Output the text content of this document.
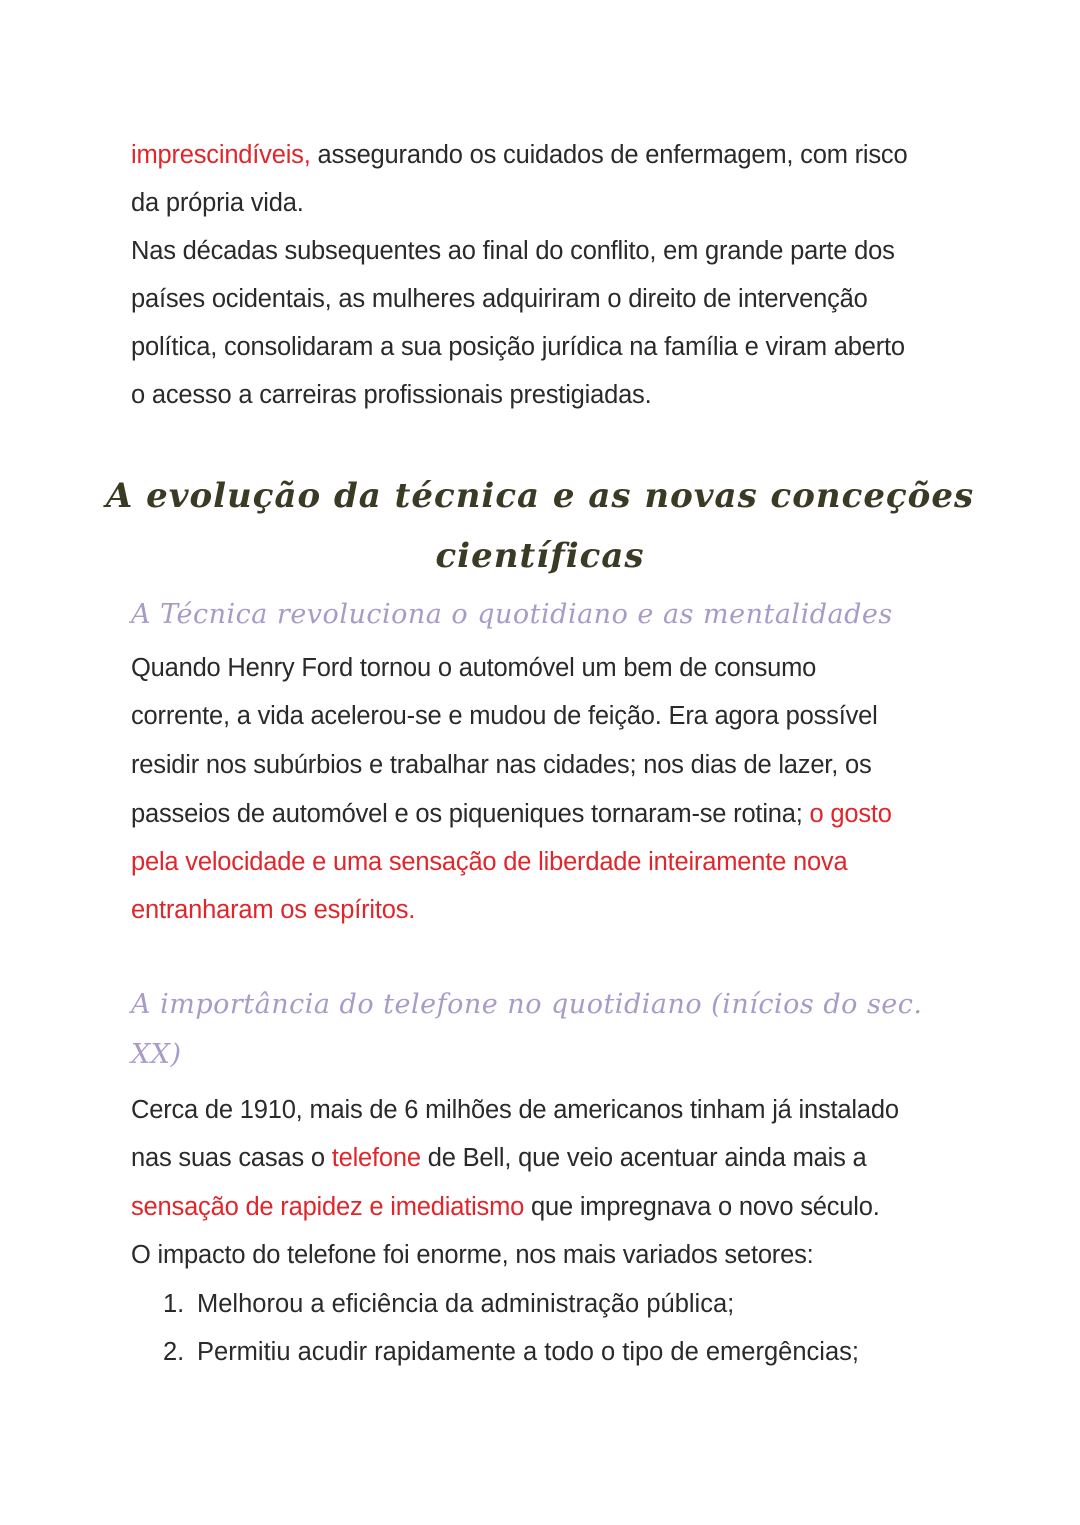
imprescindíveis, assegurando os cuidados de enfermagem, com risco
da própria vida.
Nas décadas subsequentes ao final do conflito, em grande parte dos
países ocidentais, as mulheres adquiriram o direito de intervenção
política, consolidaram a sua posição jurídica na família e viram aberto
o acesso a carreiras profissionais prestigiadas.
A evolução da técnica e as novas conceções
científicas
A Técnica revoluciona o quotidiano e as mentalidades
Quando Henry Ford tornou o automóvel um bem de consumo
corrente, a vida acelerou-se e mudou de feição. Era agora possível
residir nos subúrbios e trabalhar nas cidades; nos dias de lazer, os
passeios de automóvel e os piqueniques tornaram-se rotina; o gosto
pela velocidade e uma sensação de liberdade inteiramente nova
entranharam os espíritos.
A importância do telefone no quotidiano (inícios do sec.
XX)
Cerca de 1910, mais de 6 milhões de americanos tinham já instalado
nas suas casas o telefone de Bell, que veio acentuar ainda mais a
sensação de rapidez e imediatismo que impregnava o novo século.
O impacto do telefone foi enorme, nos mais variados setores:
1. Melhorou a eficiência da administração pública;
2. Permitiu acudir rapidamente a todo o tipo de emergências;
